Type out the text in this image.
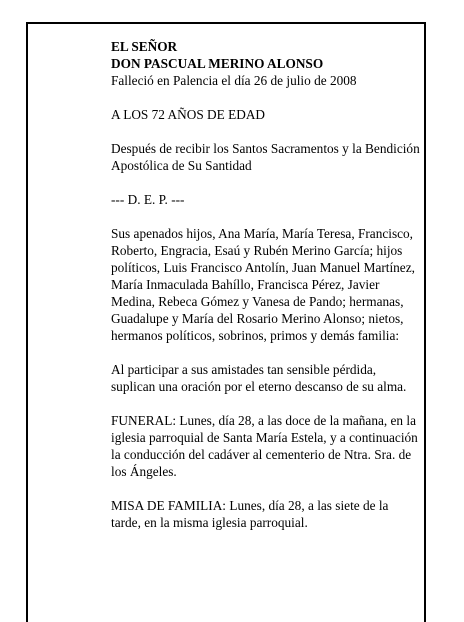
EL SEÑOR

DON PASCUAL MERINO ALONSO

Falleció en Palencia el día 26 de julio de 2008

A LOS 72 AÑOS DE EDAD

Después de recibir los Santos Sacramentos y la Bendición Apostólica de Su Santidad

--- D. E. P. ---

Sus apenados hijos, Ana María, María Teresa, Francisco, Roberto, Engracia, Esaú y Rubén Merino García; hijos políticos, Luis Francisco Antolín, Juan Manuel Martínez, María Inmaculada Bahíllo, Francisca Pérez, Javier Medina, Rebeca Gómez y Vanesa de Pando; hermanas, Guadalupe y María del Rosario Merino Alonso; nietos, hermanos políticos, sobrinos, primos y demás familia:

Al participar a sus amistades tan sensible pérdida, suplican una oración por el eterno descanso de su alma.

FUNERAL: Lunes, día 28, a las doce de la mañana, en la iglesia parroquial de Santa María Estela, y a continuación la conducción del cadáver al cementerio de Ntra. Sra. de los Ángeles.

MISA DE FAMILIA: Lunes, día 28, a las siete de la tarde, en la misma iglesia parroquial.
